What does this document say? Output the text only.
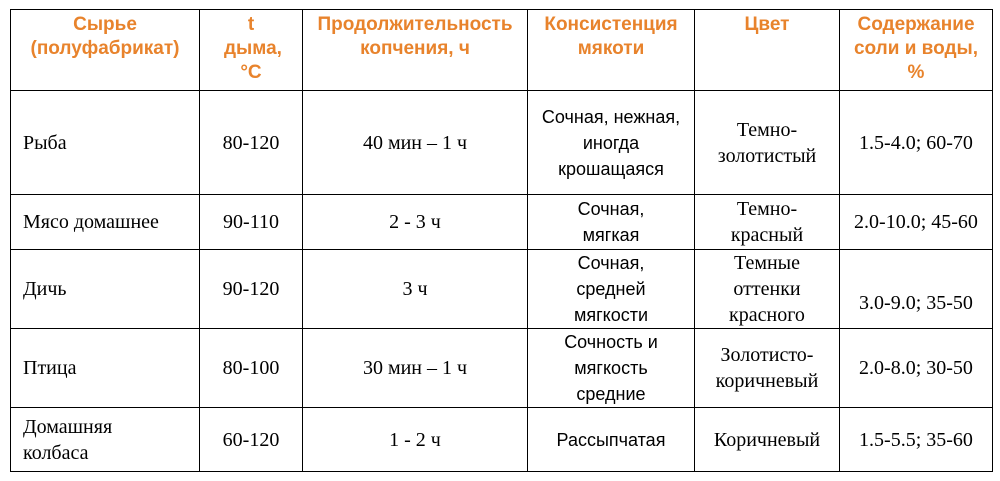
Сырье (полуфабрикат)	t дыма, °С	Продолжительность копчения, ч	Консистенция мякоти	Цвет	Содержание соли и воды, %
Рыба	80-120	40 мин – 1 ч	Сочная, нежная, иногда крошащаяся	Темно-золотистый	1.5-4.0; 60-70
Мясо домашнее	90-110	2 - 3 ч	Сочная, мягкая	Темно-красный	2.0-10.0; 45-60
Дичь	90-120	3 ч	Сочная, средней мягкости	Темные оттенки красного	3.0-9.0; 35-50
Птица	80-100	30 мин – 1 ч	Сочность и мягкость средние	Золотисто-коричневый	2.0-8.0; 30-50
Домашняя колбаса	60-120	1 - 2 ч	Рассыпчатая	Коричневый	1.5-5.5; 35-60
